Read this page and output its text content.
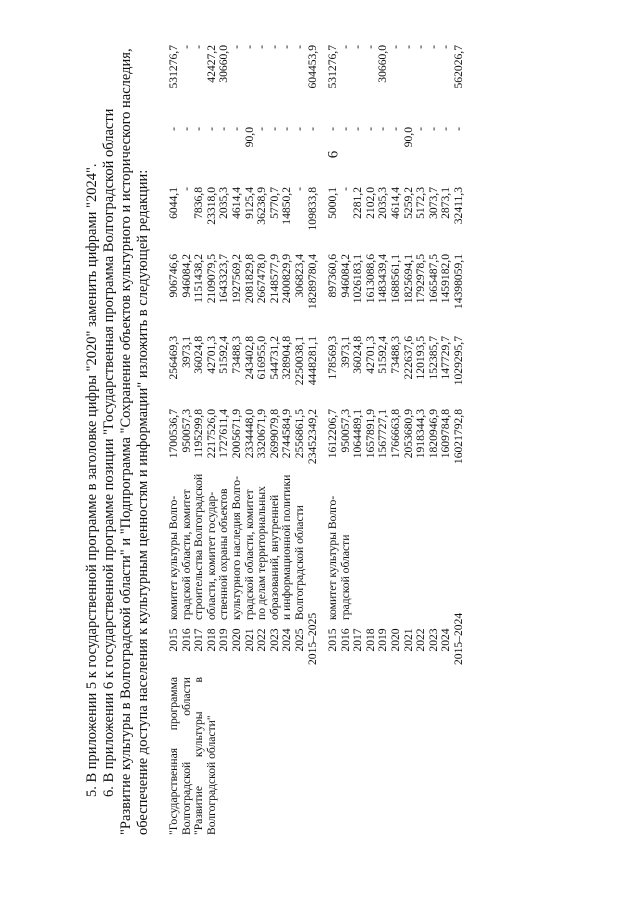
6
5. В приложении 5 к государственной программе в заголовке цифры "2020" заменить цифрами "2024". 6. В приложении 6 к государственной программе позиции "Государственная программа Волгоградской области "Развитие культуры в Волгоградской области" и "Подпрограмма "Сохранение объектов культурного и исторического наследия, обеспечение доступа населения к культурным ценностям и информации" изложить в следующей редакции: "Государственная программа Волгоградской области "Развитие культуры в Волгоградской области"
2015 2016 2017 2018 2019 2020 2021 2022 2023 2024 2025 2015–2025
комитет культуры Волго- градской области, комитет строительства Волгоградской области, комитет государ- ственной охраны объектов культурного наследия Волго- градской области, комитет по делам территориальных образований, внутренней и информационной политики Волгоградской области
1700536,7 950057,3 1195299,8 2217526,0 1727611,4 2005671,9 2334448,0 3320671,9 2699079,8 2744584,9 2556861,5 23452349,2
256469,3 3973,1 36024,8 42701,3 51592,4 73488,3 243402,8 616955,0 544731,2 328904,8 2250038,1 4448281,1
906746,6 946084,2 1151438,2 2109079,5 1643323,7 1927569,2 2081829,8 2667478,0 2148577,9 2400829,9 306823,4 18289780,4
6044,1 - 7836,8 23318,0 2035,3 4614,4 9125,4 36238,9 5770,7 14850,2 - 109833,8
- - - - - - 90,0 - - - - -
531276,7 - - 42427,2 30660,0 - - - - - - 604453,9
2015 2016 2017 2018 2019 2020 2021 2022 2023 2024 2015–2024
комитет культуры Волго- градской области
1612206,7 950057,3 1064489,1 1657891,9 1567727,1 1766663,8 2053680,9 1918344,3 1820946,9 1609784,8 16021792,8
178569,3 3973,1 36024,8 42701,3 51592,4 73488,3 222637,6 120193,5 152385,7 147729,7 1029295,7
897360,6 946084,2 1026183,1 1613088,6 1483439,4 1688561,1 1825694,1 1792978,5 1665487,5 1459182,0 14398059,1
5000,1 - 2281,2 2102,0 2035,3 4614,4 5259,2 5172,3 3073,7 2873,1 32411,3
- - - - - - 90,0 - - - -
531276,7 - - - 30660,0 - - - - - 562026,7
